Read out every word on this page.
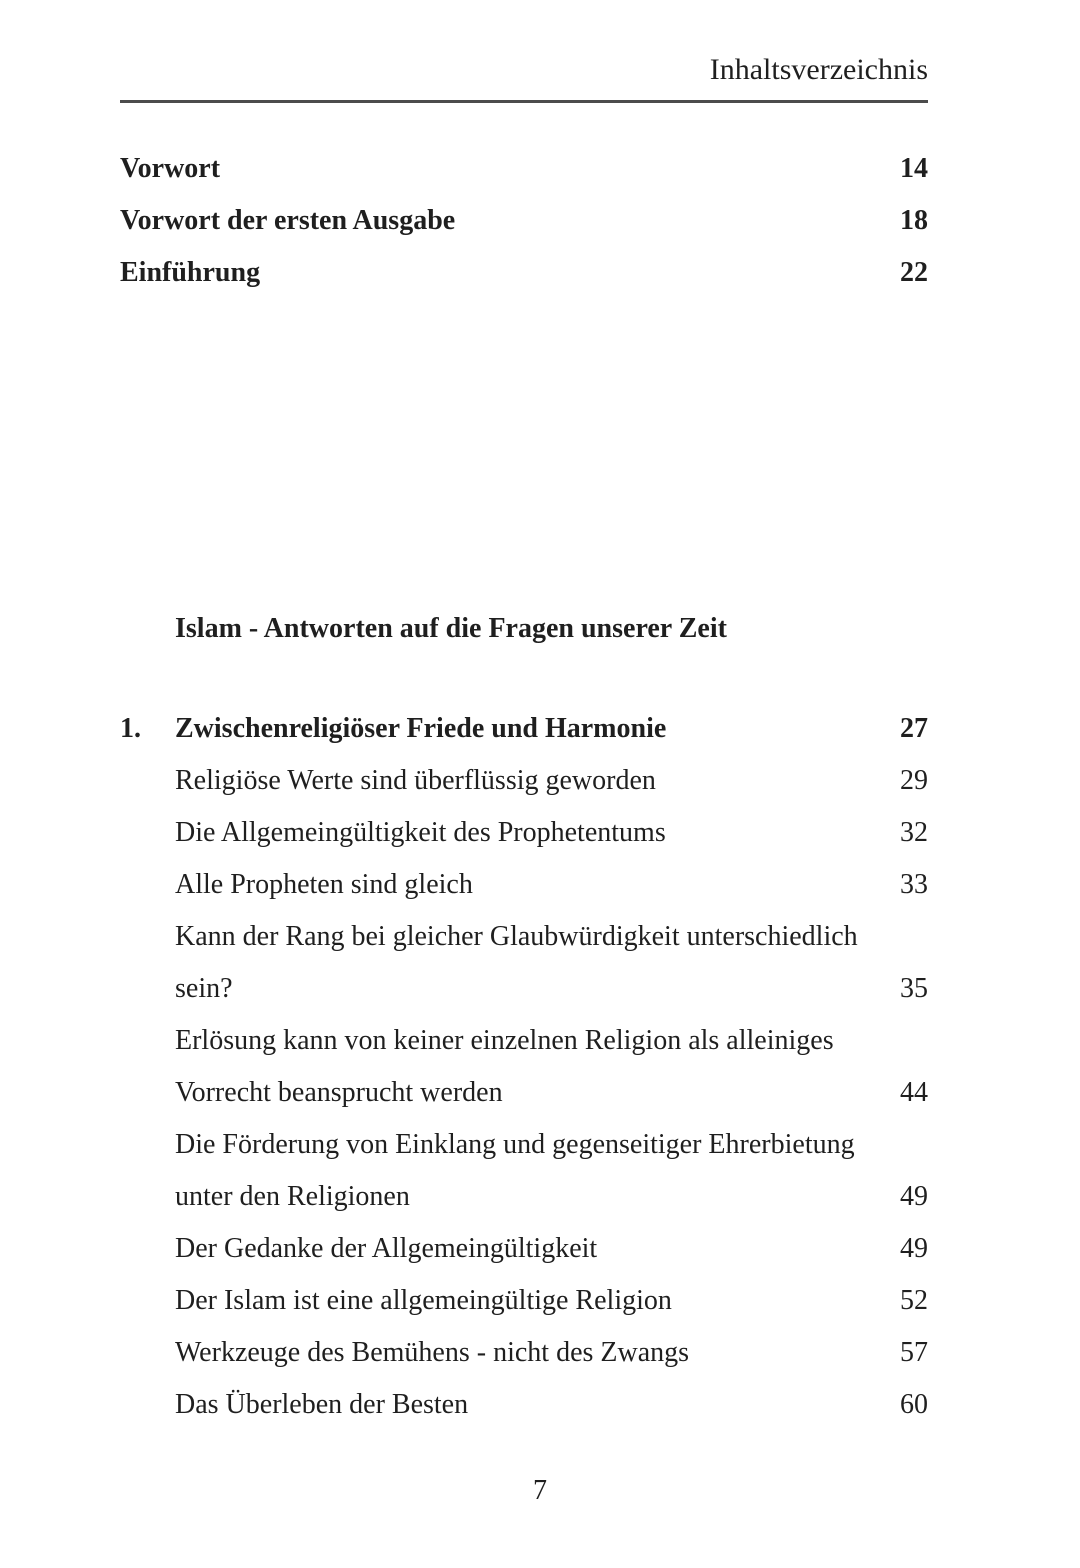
Inhaltsverzeichnis
Vorwort	14
Vorwort der ersten Ausgabe	18
Einführung	22
Islam - Antworten auf die Fragen unserer Zeit
1.	Zwischenreligiöser Friede und Harmonie	27
Religiöse Werte sind überflüssig geworden	29
Die Allgemeingültigkeit des Prophetentums	32
Alle Propheten sind gleich	33
Kann der Rang bei gleicher Glaubwürdigkeit unterschiedlich sein?	35
Erlösung kann von keiner einzelnen Religion als alleiniges Vorrecht beansprucht werden	44
Die Förderung von Einklang und gegenseitiger Ehrerbietung unter den Religionen	49
Der Gedanke der Allgemeingültigkeit	49
Der Islam ist eine allgemeingültige Religion	52
Werkzeuge des Bemühens - nicht des Zwangs	57
Das Überleben der Besten	60
7
